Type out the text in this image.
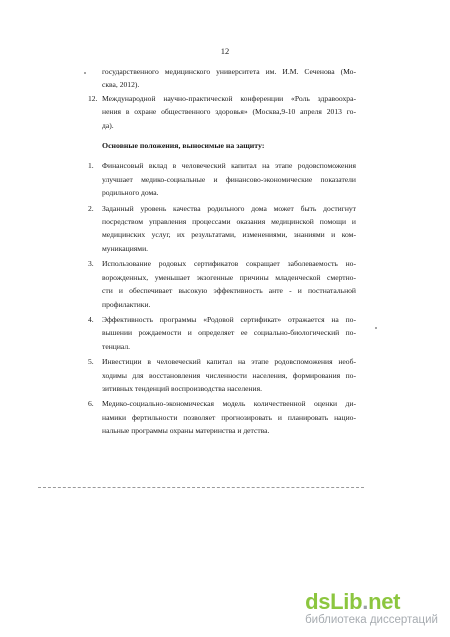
12
государственного медицинского университета им. И.М. Сеченова (Мо-
сква, 2012).
12. Международной научно-практической конференции «Роль здравоохра-
нения в охране общественного здоровья» (Москва,9-10 апреля 2013 го-
да).
Основные положения, выносимые на защиту:
1. Финансовый вклад в человеческий капитал на этапе родовспоможения
улучшает медико-социальные и финансово-экономические показатели
родильного дома.
2. Заданный уровень качества родильного дома может быть достигнут
посредством управления процессами оказания медицинской помощи и
медицинских услуг, их результатами, изменениями, знаниями и ком-
муникациями.
3. Использование родовых сертификатов сокращает заболеваемость но-
ворожденных, уменьшает экзогенные причины младенческой смертно-
сти и обеспечивает высокую эффективность анте - и постнатальной
профилактики.
4. Эффективность программы «Родовой сертификат» отражается на по-
вышении рождаемости и определяет ее социально-биологический по-
тенциал.
5. Инвестиции в человеческий капитал на этапе родовспоможения необ-
ходимы для восстановления численности населения, формирования по-
зитивных тенденций воспроизводства населения.
6. Медико-социально-экономическая модель количественной оценки ди-
намики фертильности позволяет прогнозировать и планировать нацио-
нальные программы охраны материнства и детства.
dsLib.net
библиотека диссертаций
